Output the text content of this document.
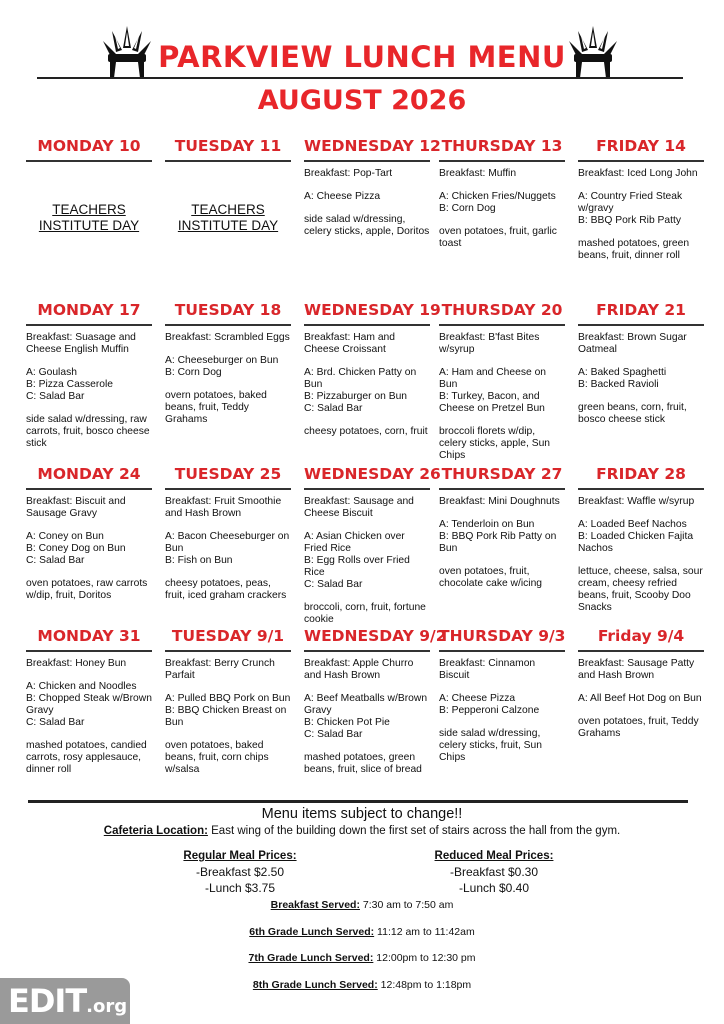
PARKVIEW LUNCH MENU
AUGUST 2026
MONDAY 10
TEACHERS INSTITUTE DAY
TUESDAY 11
TEACHERS INSTITUTE DAY
WEDNESDAY 12
Breakfast: Pop-Tart
A: Cheese Pizza
side salad w/dressing, celery sticks, apple, Doritos
THURSDAY 13
Breakfast: Muffin
A: Chicken Fries/Nuggets
B: Corn Dog
oven potatoes, fruit, garlic toast
FRIDAY 14
Breakfast: Iced Long John
A: Country Fried Steak w/gravy
B: BBQ Pork Rib Patty
mashed potatoes, green beans, fruit, dinner roll
MONDAY 17
Breakfast: Suasage and Cheese English Muffin
A: Goulash
B: Pizza Casserole
C: Salad Bar
side salad w/dressing, raw carrots, fruit, bosco cheese stick
TUESDAY 18
Breakfast: Scrambled Eggs
A: Cheeseburger on Bun
B: Corn Dog
overn potatoes, baked beans, fruit, Teddy Grahams
WEDNESDAY 19
Breakfast: Ham and Cheese Croissant
A: Brd. Chicken Patty on Bun
B: Pizzaburger on Bun
C: Salad Bar
cheesy potatoes, corn, fruit
THURSDAY 20
Breakfast: B'fast Bites w/syrup
A: Ham and Cheese on Bun
B: Turkey, Bacon, and Cheese on Pretzel Bun
broccoli florets w/dip, celery sticks, apple, Sun Chips
FRIDAY 21
Breakfast: Brown Sugar Oatmeal
A: Baked Spaghetti
B: Backed Ravioli
green beans, corn, fruit, bosco cheese stick
MONDAY 24
Breakfast: Biscuit and Sausage Gravy
A: Coney on Bun
B: Coney Dog on Bun
C: Salad Bar
oven potatoes, raw carrots w/dip, fruit, Doritos
TUESDAY 25
Breakfast: Fruit Smoothie and Hash Brown
A: Bacon Cheeseburger on Bun
B: Fish on Bun
cheesy potatoes, peas, fruit, iced graham crackers
WEDNESDAY 26
Breakfast: Sausage and Cheese Biscuit
A: Asian Chicken over Fried Rice
B: Egg Rolls over Fried Rice
C: Salad Bar
broccoli, corn, fruit, fortune cookie
THURSDAY 27
Breakfast: Mini Doughnuts
A: Tenderloin on Bun
B: BBQ Pork Rib Patty on Bun
oven potatoes, fruit, chocolate cake w/icing
FRIDAY 28
Breakfast: Waffle w/syrup
A: Loaded Beef Nachos
B: Loaded Chicken Fajita Nachos
lettuce, cheese, salsa, sour cream, cheesy refried beans, fruit, Scooby Doo Snacks
MONDAY 31
Breakfast: Honey Bun
A: Chicken and Noodles
B: Chopped Steak w/Brown Gravy
C: Salad Bar
mashed potatoes, candied carrots, rosy applesauce, dinner roll
TUESDAY 9/1
Breakfast: Berry Crunch Parfait
A: Pulled BBQ Pork on Bun
B: BBQ Chicken Breast on Bun
oven potatoes, baked beans, fruit, corn chips w/salsa
WEDNESDAY 9/2
Breakfast: Apple Churro and Hash Brown
A: Beef Meatballs w/Brown Gravy
B: Chicken Pot Pie
C: Salad Bar
mashed potatoes, green beans, fruit, slice of bread
THURSDAY 9/3
Breakfast: Cinnamon Biscuit
A: Cheese Pizza
B: Pepperoni Calzone
side salad w/dressing, celery sticks, fruit, Sun Chips
Friday 9/4
Breakfast: Sausage Patty and Hash Brown
A: All Beef Hot Dog on Bun
oven potatoes, fruit, Teddy Grahams

Menu items subject to change!!

Cafeteria Location: East wing of the building down the first set of stairs across the hall from the gym.

Regular Meal Prices:
-Breakfast $2.50
-Lunch $3.75
Reduced Meal Prices:
-Breakfast $0.30
-Lunch $0.40

Breakfast Served: 7:30 am to 7:50 am

6th Grade Lunch Served: 11:12 am to 11:42am

7th Grade Lunch Served: 12:00pm to 12:30 pm

8th Grade Lunch Served: 12:48pm to 1:18pm

EDIT.org
